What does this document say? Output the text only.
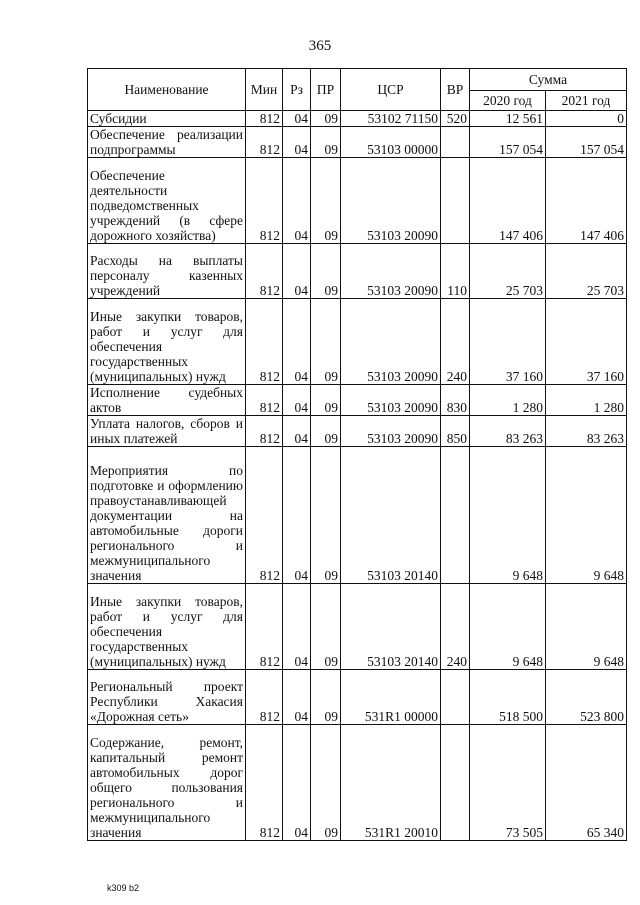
365
Наименование	Мин	Рз	ПР	ЦСР	ВР	Сумма	
						2020 год	2021 год
Субсидии	812	04	09	53102 71150	520	12 561	0
Обеспечение реализации подпрограммы	812	04	09	53103 00000		157 054	157 054
Обеспечение деятельности подведомственных учреждений (в сфере дорожного хозяйства)	812	04	09	53103 20090		147 406	147 406
Расходы на выплаты персоналу казенных учреждений	812	04	09	53103 20090	110	25 703	25 703
Иные закупки товаров, работ и услуг для обеспечения государственных (муниципальных) нужд	812	04	09	53103 20090	240	37 160	37 160
Исполнение судебных актов	812	04	09	53103 20090	830	1 280	1 280
Уплата налогов, сборов и иных платежей	812	04	09	53103 20090	850	83 263	83 263
Мероприятия по подготовке и оформлению правоустанавливающей документации на автомобильные дороги регионального и межмуниципального значения	812	04	09	53103 20140		9 648	9 648
Иные закупки товаров, работ и услуг для обеспечения государственных (муниципальных) нужд	812	04	09	53103 20140	240	9 648	9 648
Региональный проект Республики Хакасия «Дорожная сеть»	812	04	09	531R1 00000		518 500	523 800
Содержание, ремонт, капитальный ремонт автомобильных дорог общего пользования регионального и межмуниципального значения	812	04	09	531R1 20010		73 505	65 340
k309 b2
